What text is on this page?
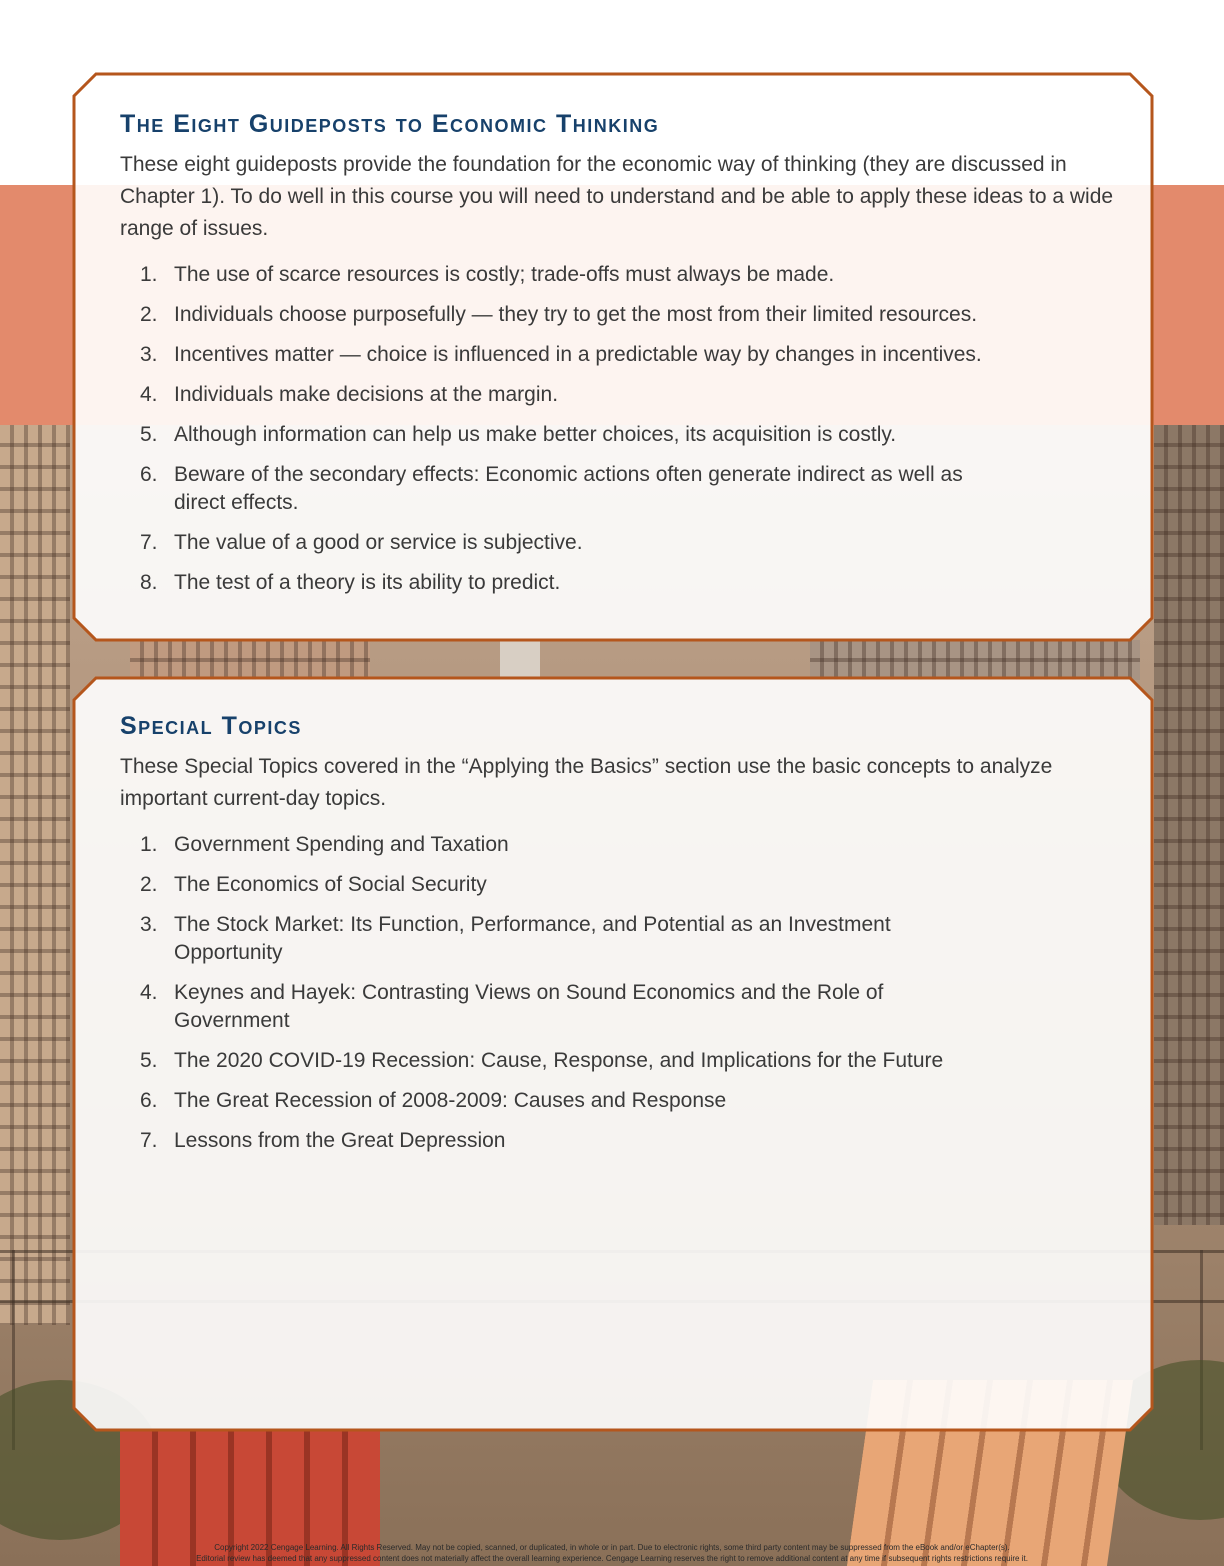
The Eight Guideposts to Economic Thinking

These eight guideposts provide the foundation for the economic way of thinking (they are discussed in Chapter 1). To do well in this course you will need to understand and be able to apply these ideas to a wide range of issues.

1. The use of scarce resources is costly; trade-offs must always be made.
2. Individuals choose purposefully — they try to get the most from their limited resources.
3. Incentives matter — choice is influenced in a predictable way by changes in incentives.
4. Individuals make decisions at the margin.
5. Although information can help us make better choices, its acquisition is costly.
6. Beware of the secondary effects: Economic actions often generate indirect as well as direct effects.
7. The value of a good or service is subjective.
8. The test of a theory is its ability to predict.
Special Topics

These Special Topics covered in the “Applying the Basics” section use the basic concepts to analyze important current-day topics.

1. Government Spending and Taxation
2. The Economics of Social Security
3. The Stock Market: Its Function, Performance, and Potential as an Investment Opportunity
4. Keynes and Hayek: Contrasting Views on Sound Economics and the Role of Government
5. The 2020 COVID-19 Recession: Cause, Response, and Implications for the Future
6. The Great Recession of 2008-2009: Causes and Response
7. Lessons from the Great Depression
Copyright 2022 Cengage Learning. All Rights Reserved. May not be copied, scanned, or duplicated, in whole or in part. Due to electronic rights, some third party content may be suppressed from the eBook and/or eChapter(s).
Editorial review has deemed that any suppressed content does not materially affect the overall learning experience. Cengage Learning reserves the right to remove additional content at any time if subsequent rights restrictions require it.
